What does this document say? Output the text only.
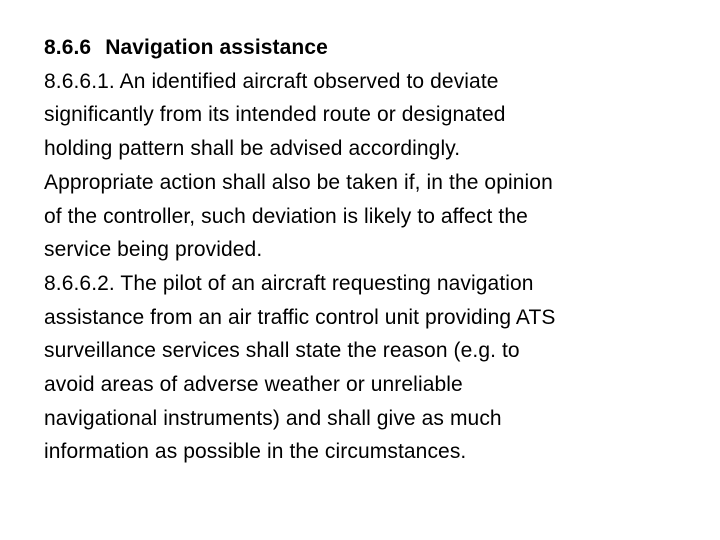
8.6.6 Navigation assistance
8.6.6.1. An identified aircraft observed to deviate
significantly from its intended route or designated
holding pattern shall be advised accordingly.
Appropriate action shall also be taken if, in the opinion
of the controller, such deviation is likely to affect the
service being provided.
8.6.6.2. The pilot of an aircraft requesting navigation
assistance from an air traffic control unit providing ATS
surveillance services shall state the reason (e.g. to
avoid areas of adverse weather or unreliable
navigational instruments) and shall give as much
information as possible in the circumstances.
